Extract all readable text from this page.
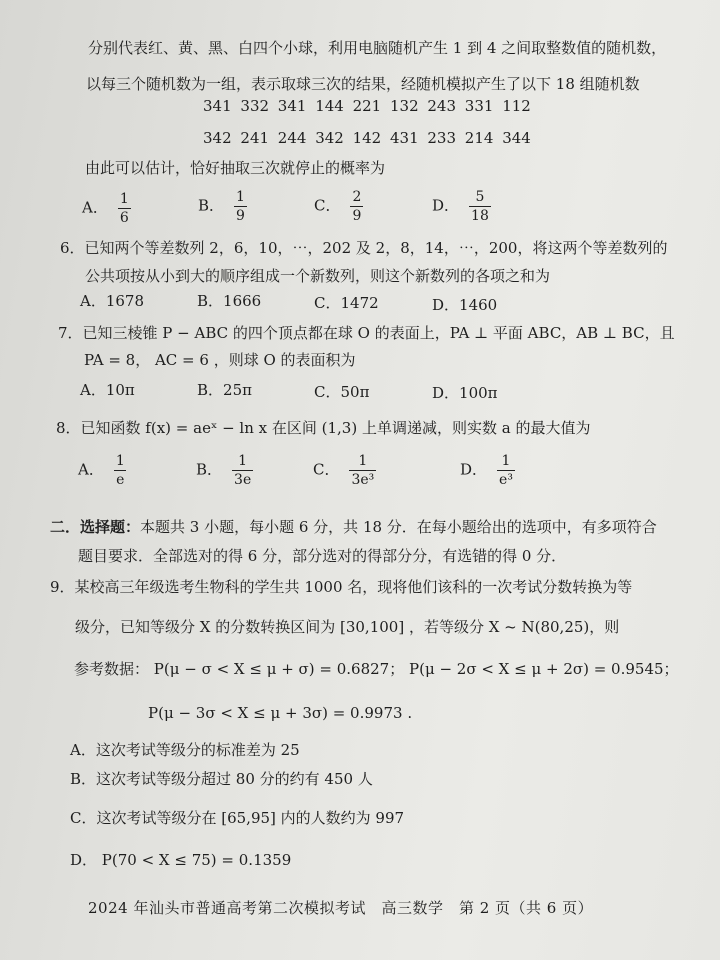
分别代表红、黄、黑、白四个小球，利用电脑随机产生 1 到 4 之间取整数值的随机数，
以每三个随机数为一组，表示取球三次的结果，经随机模拟产生了以下 18 组随机数
341 332 341 144 221 132 243 331 112
342 241 244 342 142 431 233 214 344
由此可以估计，恰好抽取三次就停止的概率为
A． $\frac{1}{6}$	B． $\frac{1}{9}$	C． $\frac{2}{9}$	D． $\frac{5}{18}$
6．已知两个等差数列 2，6，10，⋯，202 及 2，8，14，⋯，200，将这两个等差数列的
公共项按从小到大的顺序组成一个新数列，则这个新数列的各项之和为
A．1678	B．1666	C．1472	D．1460
7．已知三棱锥 P − ABC 的四个顶点都在球 O 的表面上，PA ⊥ 平面 ABC，AB ⊥ BC，且
PA = 8， AC = 6 ，则球 O 的表面积为
A．10π	B．25π	C．50π	D．100π
8．已知函数 f(x) = aeˣ − ln x 在区间 (1,3) 上单调递减，则实数 a 的最大值为
A． $\frac{1}{e}$	B． $\frac{1}{3e}$	C． $\frac{1}{\text{3e³}}$	D． $\frac{1}{\text{e³}}$
二．选择题：本题共 3 小题，每小题 6 分，共 18 分．在每小题给出的选项中，有多项符合
题目要求．全部选对的得 6 分，部分选对的得部分分，有选错的得 0 分．
9．某校高三年级选考生物科的学生共 1000 名，现将他们该科的一次考试分数转换为等
级分，已知等级分 X 的分数转换区间为 [30,100] ，若等级分 X ~ N(80,25)，则
参考数据： P(μ − σ < X ≤ μ + σ) = 0.6827； P(μ − 2σ < X ≤ μ + 2σ) = 0.9545；
P(μ − 3σ < X ≤ μ + 3σ) = 0.9973 .
A．这次考试等级分的标准差为 25
B．这次考试等级分超过 80 分的约有 450 人
C．这次考试等级分在 [65,95] 内的人数约为 997
D． P(70 < X ≤ 75) = 0.1359
2024 年汕头市普通高考第二次模拟考试　高三数学　第 2 页（共 6 页）
